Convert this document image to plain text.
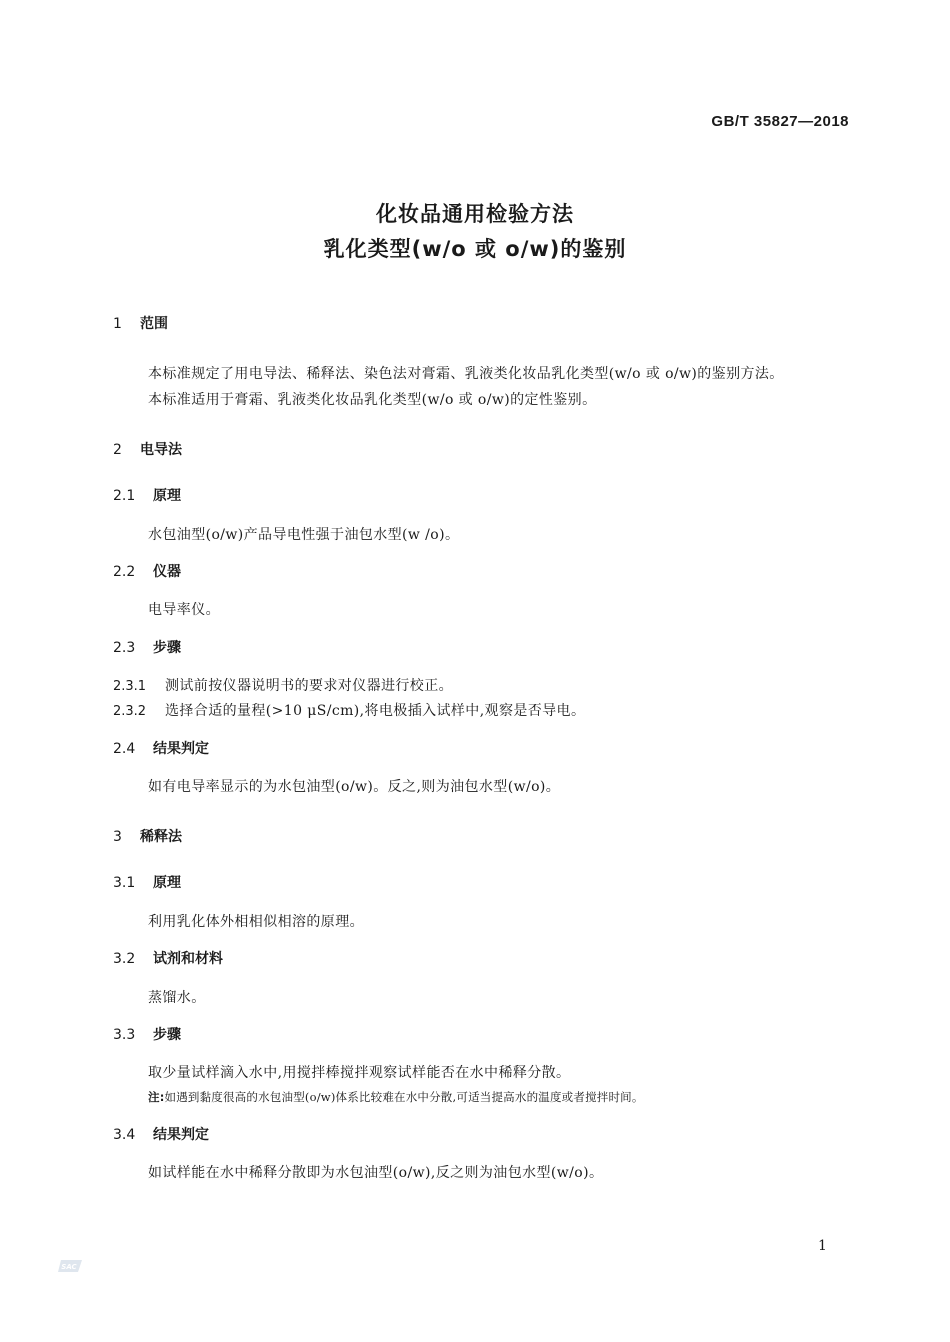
GB/T 35827—2018
化妆品通用检验方法
乳化类型(w/o 或 o/w)的鉴别
1 范围
本标准规定了用电导法、稀释法、染色法对膏霜、乳液类化妆品乳化类型(w/o 或 o/w)的鉴别方法。
本标准适用于膏霜、乳液类化妆品乳化类型(w/o 或 o/w)的定性鉴别。
2 电导法
2.1 原理
水包油型(o/w)产品导电性强于油包水型(w /o)。
2.2 仪器
电导率仪。
2.3 步骤
2.3.1 测试前按仪器说明书的要求对仪器进行校正。
2.3.2 选择合适的量程(>10 μS/cm),将电极插入试样中,观察是否导电。
2.4 结果判定
如有电导率显示的为水包油型(o/w)。反之,则为油包水型(w/o)。
3 稀释法
3.1 原理
利用乳化体外相相似相溶的原理。
3.2 试剂和材料
蒸馏水。
3.3 步骤
取少量试样滴入水中,用搅拌棒搅拌观察试样能否在水中稀释分散。
注:如遇到黏度很高的水包油型(o/w)体系比较难在水中分散,可适当提高水的温度或者搅拌时间。
3.4 结果判定
如试样能在水中稀释分散即为水包油型(o/w),反之则为油包水型(w/o)。
1
SAC
